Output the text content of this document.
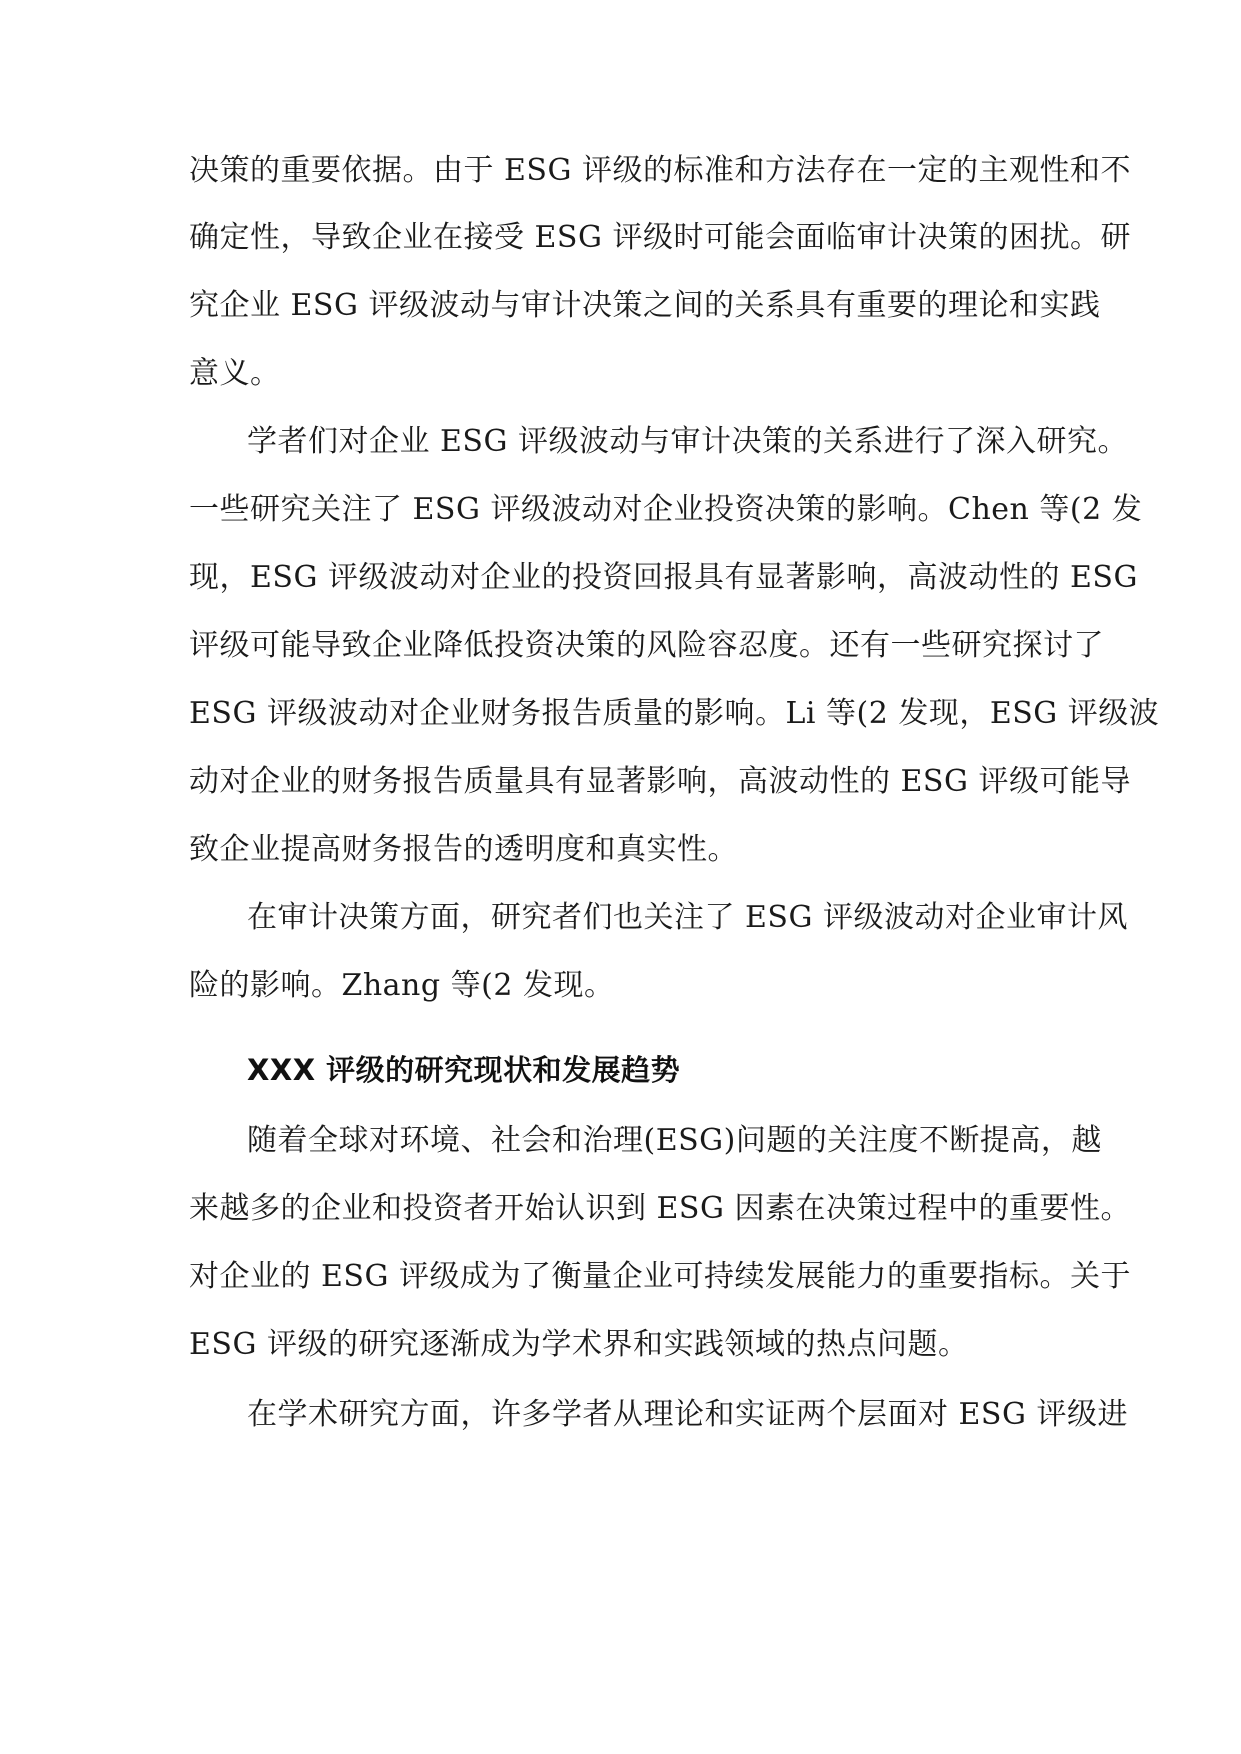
决策的重要依据。由于 ESG 评级的标准和方法存在一定的主观性和不
确定性，导致企业在接受 ESG 评级时可能会面临审计决策的困扰。研
究企业 ESG 评级波动与审计决策之间的关系具有重要的理论和实践
意义。
学者们对企业 ESG 评级波动与审计决策的关系进行了深入研究。
一些研究关注了 ESG 评级波动对企业投资决策的影响。Chen 等(2 发
现，ESG 评级波动对企业的投资回报具有显著影响，高波动性的 ESG
评级可能导致企业降低投资决策的风险容忍度。还有一些研究探讨了
ESG 评级波动对企业财务报告质量的影响。Li 等(2 发现，ESG 评级波
动对企业的财务报告质量具有显著影响，高波动性的 ESG 评级可能导
致企业提高财务报告的透明度和真实性。
在审计决策方面，研究者们也关注了 ESG 评级波动对企业审计风
险的影响。Zhang 等(2 发现。
XXX 评级的研究现状和发展趋势
随着全球对环境、社会和治理(ESG)问题的关注度不断提高，越
来越多的企业和投资者开始认识到 ESG 因素在决策过程中的重要性。
对企业的 ESG 评级成为了衡量企业可持续发展能力的重要指标。关于
ESG 评级的研究逐渐成为学术界和实践领域的热点问题。
在学术研究方面，许多学者从理论和实证两个层面对 ESG 评级进
